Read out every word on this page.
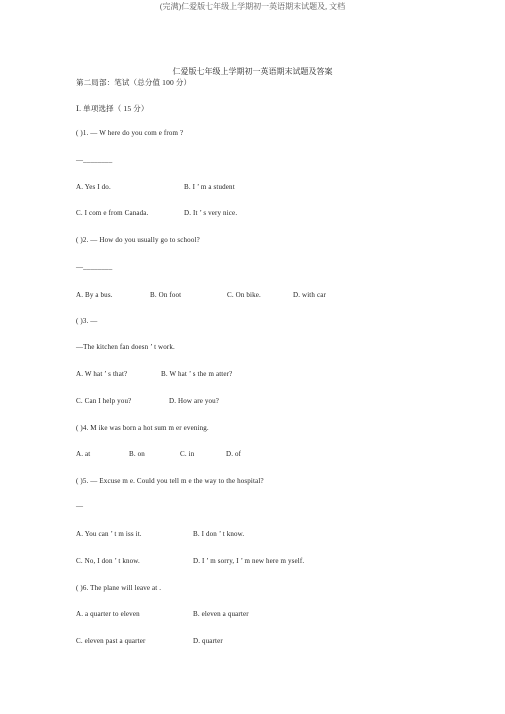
(完满)仁爱版七年级上学期初一英语期末试题及, 文档
仁爱版七年级上学期初一英语期末试题及答案
第二局部：笔试（总分值 100 分）
Ⅰ. 单项选择（ 15 分）
( )1. — W here do you com e from ?
—________
A. Yes I do.	B. I ’ m a student
C. I com e from Canada.	D. It ’ s very nice.
( )2. — How do you usually go to school?
—________
A. By a bus.	B. On foot	C. On bike.	D. with car
( )3. —
—The kitchen fan doesn ’ t work.
A. W hat ’ s that?	B. W hat ’ s the m atter?
C. Can I help you?	D. How are you?
( )4. M ike was born a hot sum m er evening.
A. at	B. on	C. in	D. of
( )5. — Excuse m e. Could you tell m e the way to the hospital?
—
A. You can ’ t m iss it.	B. I don ’ t know.
C. No, I don ’ t know.	D. I ’ m sorry, I ’ m new here m yself.
( )6. The plane will leave at .
A. a quarter to eleven	B. eleven a quarter
C. eleven past a quarter	D. quarter
